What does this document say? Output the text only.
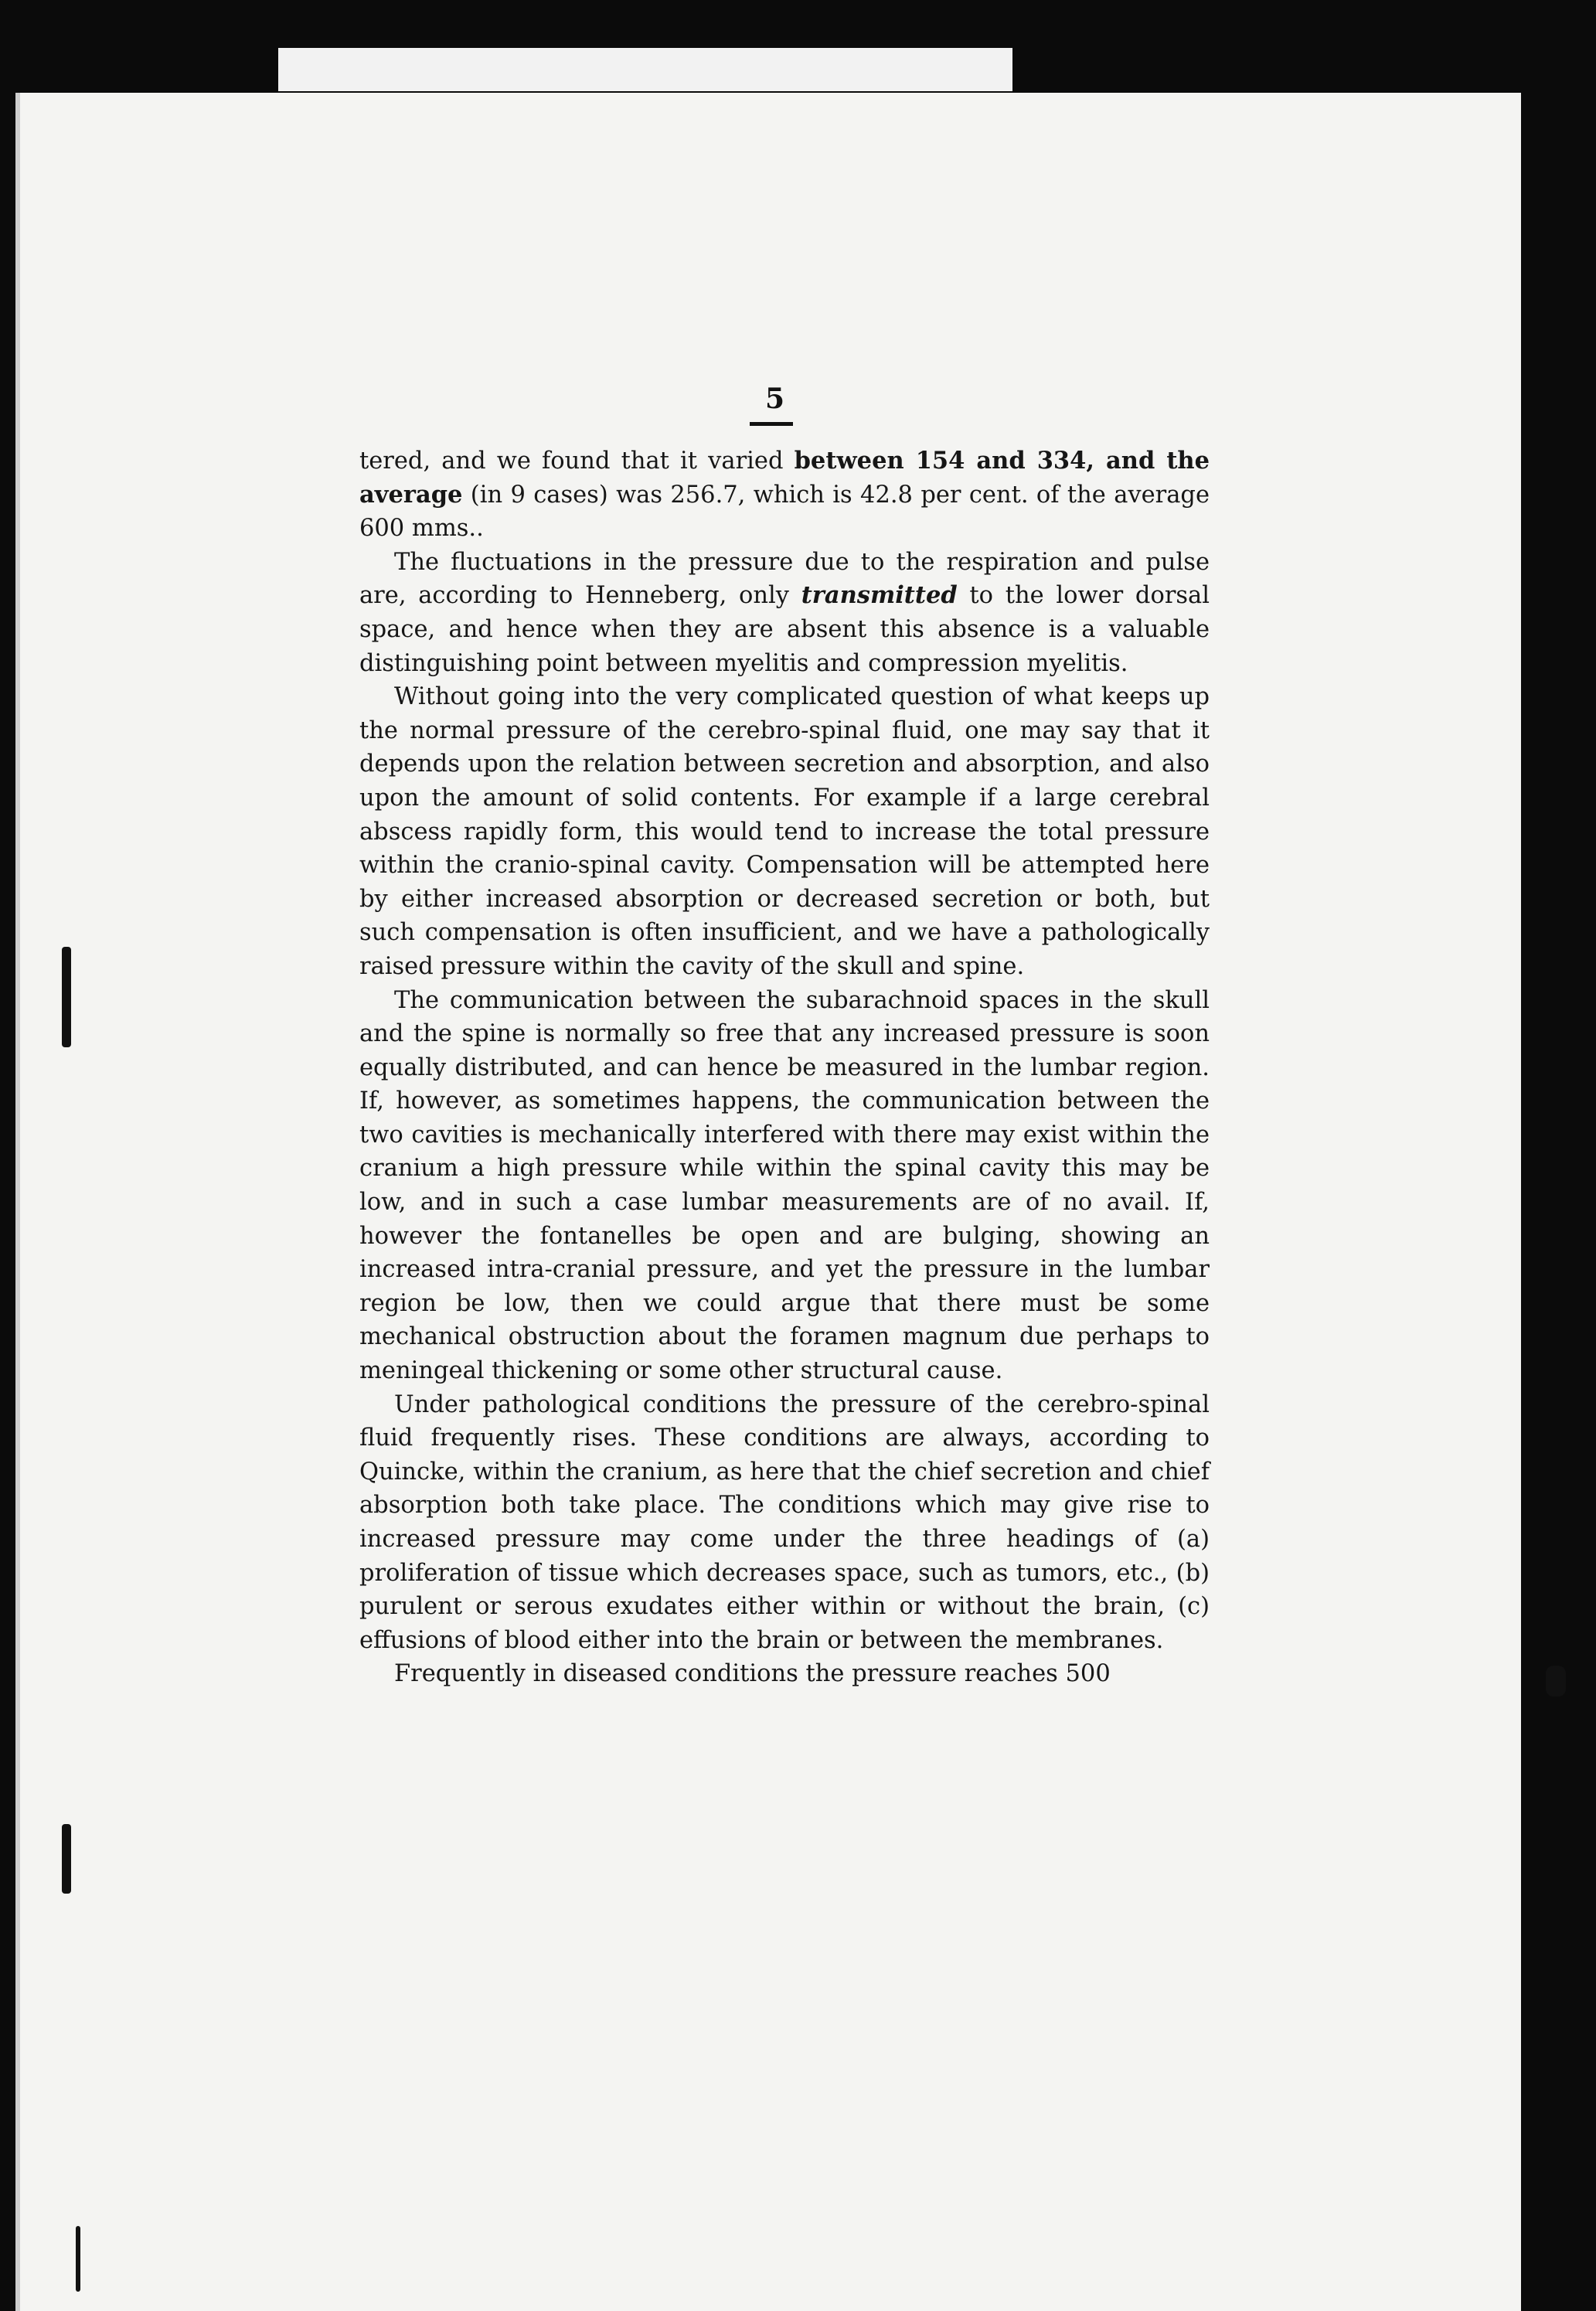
5

tered, and we found that it varied between 154 and 334, and the average (in 9 cases) was 256.7, which is 42.8 per cent. of the average 600 mms..

The fluctuations in the pressure due to the respiration and pulse are, according to Henneberg, only transmitted to the lower dorsal space, and hence when they are absent this absence is a valuable distinguishing point between myelitis and compression myelitis.

Without going into the very complicated question of what keeps up the normal pressure of the cerebro-spinal fluid, one may say that it depends upon the relation between secretion and absorption, and also upon the amount of solid contents. For example if a large cerebral abscess rapidly form, this would tend to increase the total pressure within the cranio-spinal cavity. Compensation will be attempted here by either increased absorption or decreased secretion or both, but such compensation is often insufficient, and we have a pathologically raised pressure within the cavity of the skull and spine.

The communication between the subarachnoid spaces in the skull and the spine is normally so free that any increased pressure is soon equally distributed, and can hence be measured in the lumbar region. If, however, as sometimes happens, the communication between the two cavities is mechanically interfered with there may exist within the cranium a high pressure while within the spinal cavity this may be low, and in such a case lumbar measurements are of no avail. If, however the fontanelles be open and are bulging, showing an increased intra-cranial pressure, and yet the pressure in the lumbar region be low, then we could argue that there must be some mechanical obstruction about the foramen magnum due perhaps to meningeal thickening or some other structural cause.

Under pathological conditions the pressure of the cerebro-spinal fluid frequently rises. These conditions are always, according to Quincke, within the cranium, as here that the chief secretion and chief absorption both take place. The conditions which may give rise to increased pressure may come under the three headings of (a) proliferation of tissue which decreases space, such as tumors, etc., (b) purulent or serous exudates either within or without the brain, (c) effusions of blood either into the brain or between the membranes.

Frequently in diseased conditions the pressure reaches 500
